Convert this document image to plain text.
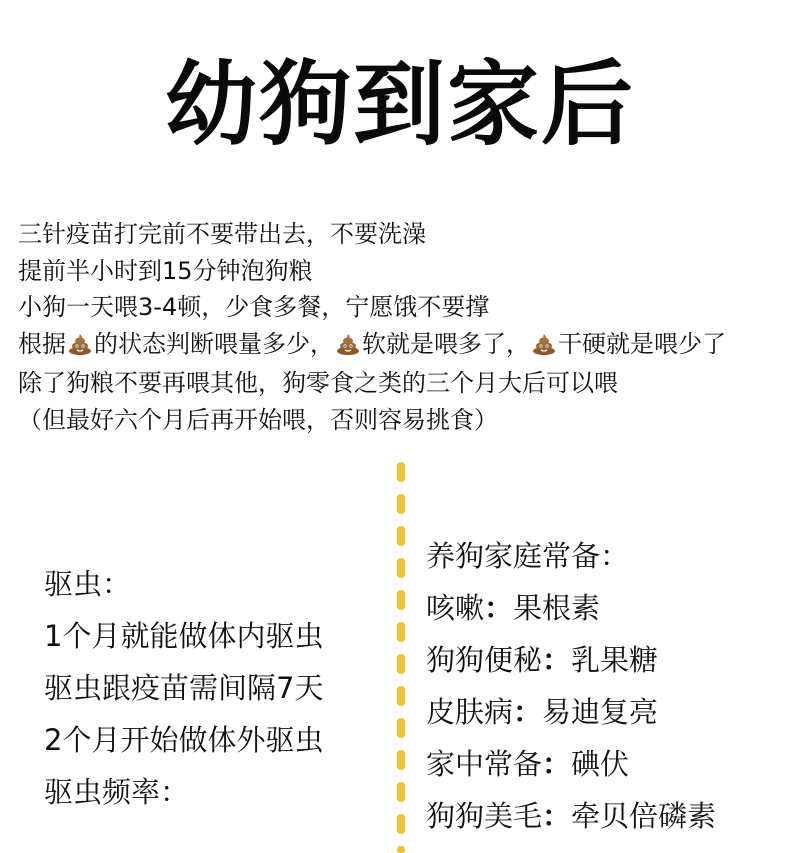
幼狗到家后
三针疫苗打完前不要带出去，不要洗澡
提前半小时到15分钟泡狗粮
小狗一天喂3-4顿，少食多餐，宁愿饿不要撑
根据 的状态判断喂量多少， 软就是喂多了， 干硬就是喂少了
除了狗粮不要再喂其他，狗零食之类的三个月大后可以喂
（但最好六个月后再开始喂，否则容易挑食）
驱虫：
1个月就能做体内驱虫
驱虫跟疫苗需间隔7天
2个月开始做体外驱虫
驱虫频率：
养狗家庭常备：
咳嗽：果根素
狗狗便秘：乳果糖
皮肤病：易迪复亮
家中常备：碘伏
狗狗美毛：牵贝倍磷素
